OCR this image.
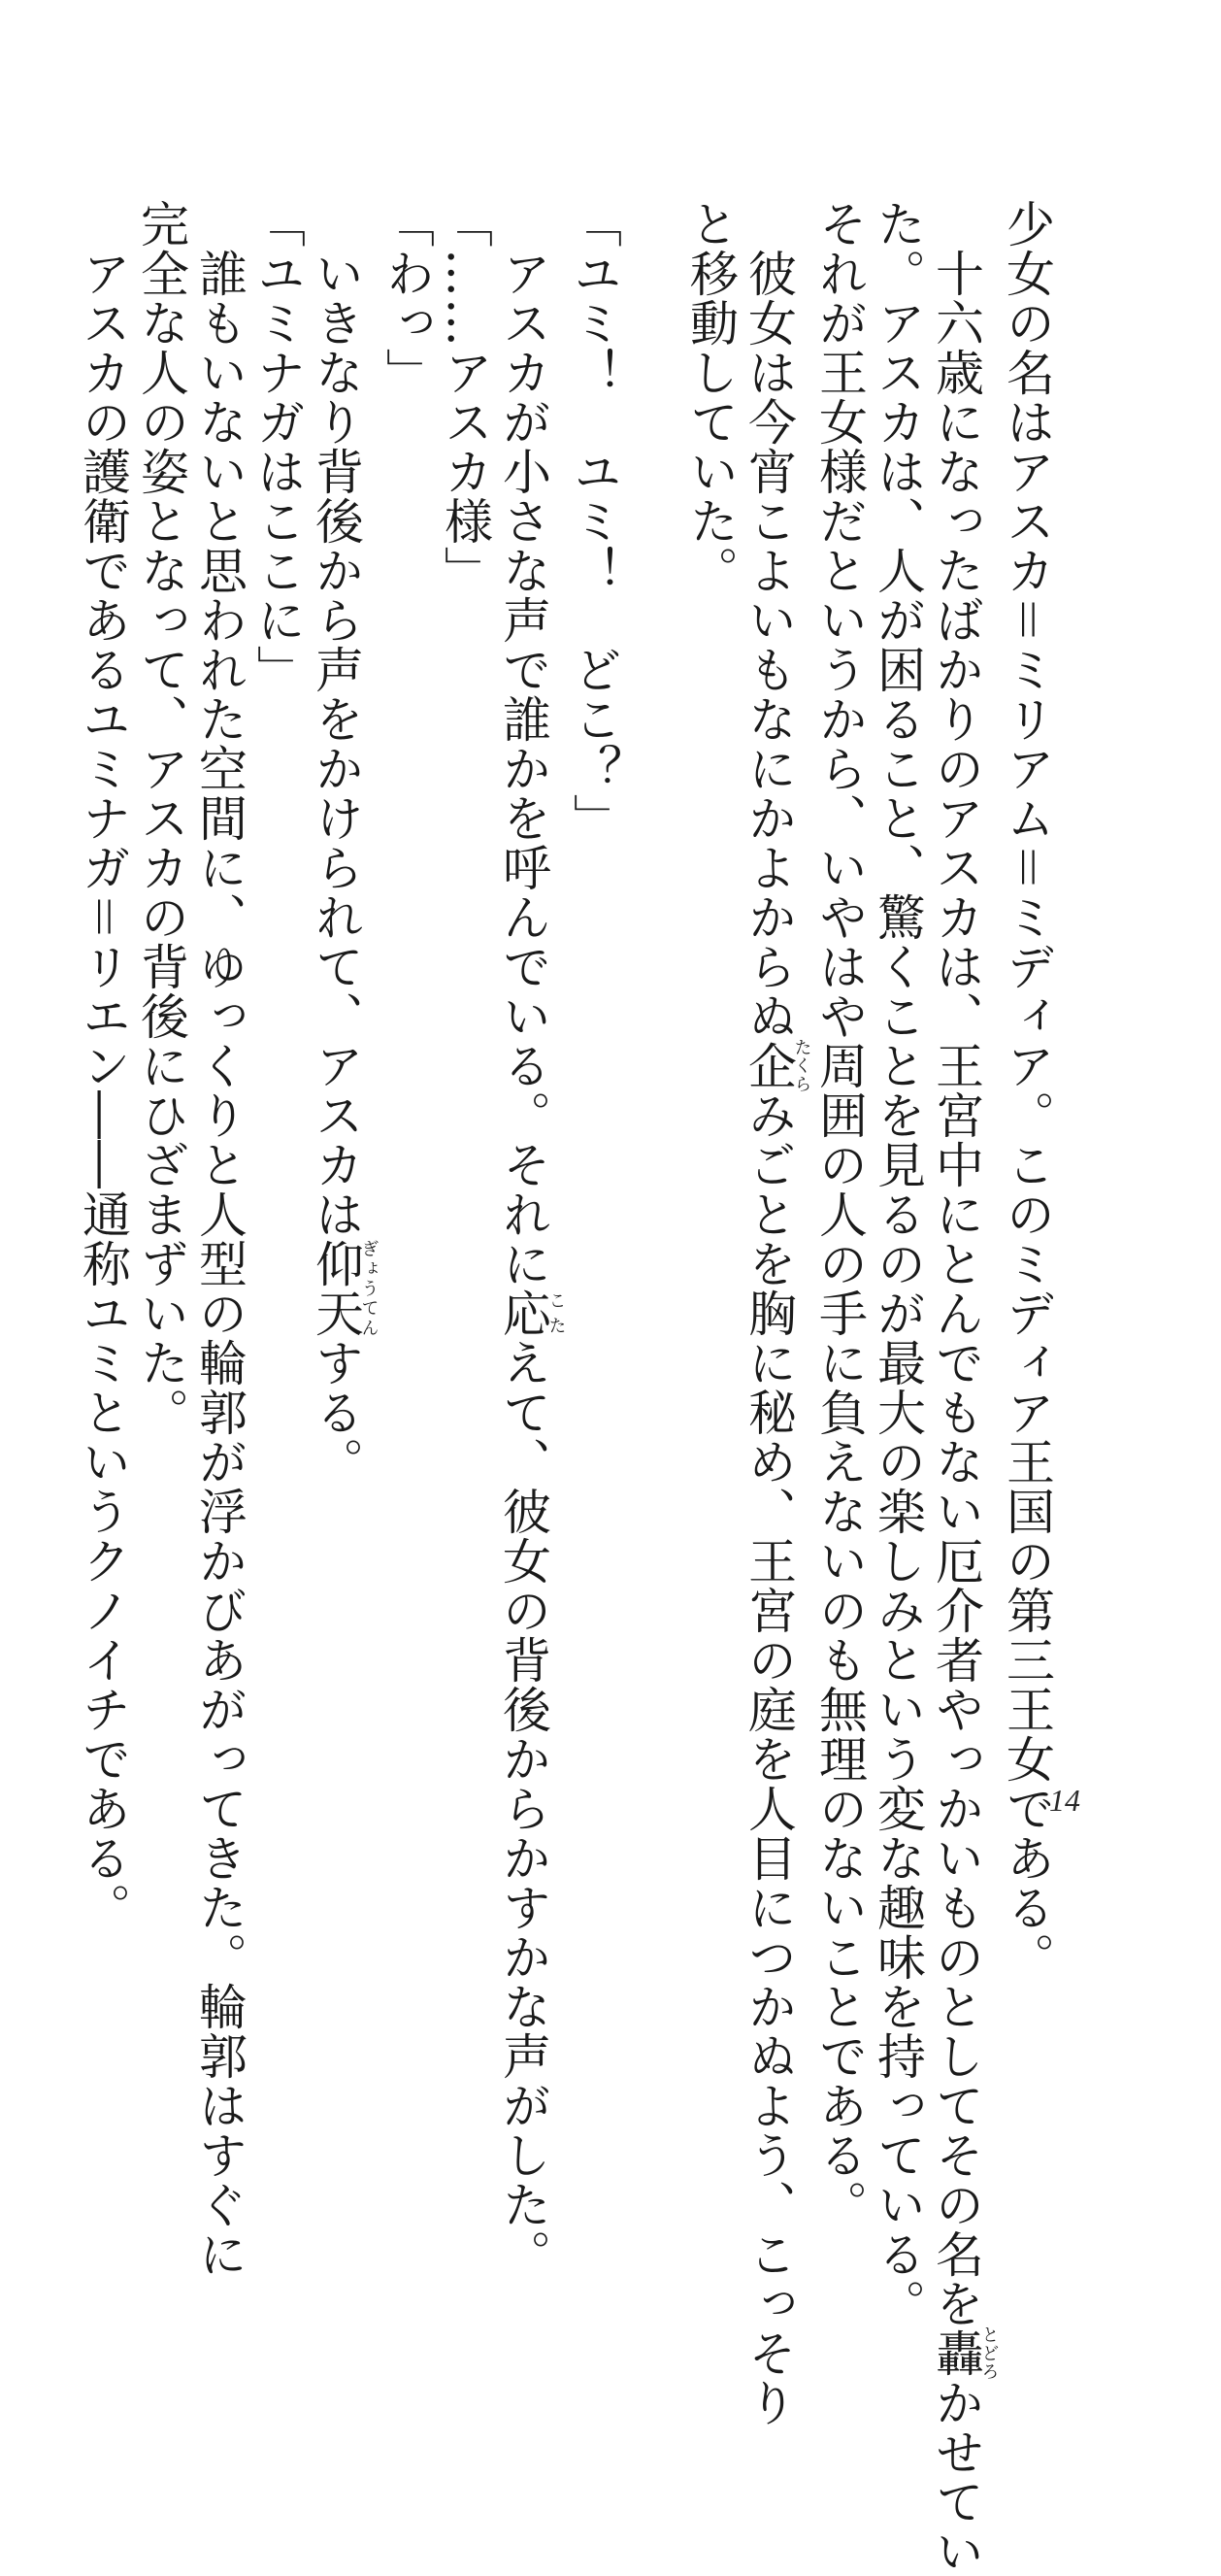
少女の名はアスカ＝ミリアム＝ミディア。このミディア王国の第三王女である。

　十六歳になったばかりのアスカは、王宮中にとんでもない厄介者やっかいものとしてその名を轟とどろかせてい

た。アスカは、人が困ること、驚くことを見るのが最大の楽しみという変な趣味を持っている。

それが王女様だというから、いやはや周囲の人の手に負えないのも無理のないことである。

　彼女は今宵こよいもなにかよからぬ企たくらみごとを胸に秘め、王宮の庭を人目につかぬよう、こっそり

と移動していた。

「ユミ！　ユミ！　どこ？」

　アスカが小さな声で誰かを呼んでいる。それに応こたえて、彼女の背後からかすかな声がした。

「……アスカ様」

「わっ」

　いきなり背後から声をかけられて、アスカは仰天ぎょうてんする。

「ユミナガはここに」

　誰もいないと思われた空間に、ゆっくりと人型の輪郭が浮かびあがってきた。輪郭はすぐに

完全な人の姿となって、アスカの背後にひざまずいた。

　アスカの護衛であるユミナガ＝リエン――通称ユミというクノイチである。	14
